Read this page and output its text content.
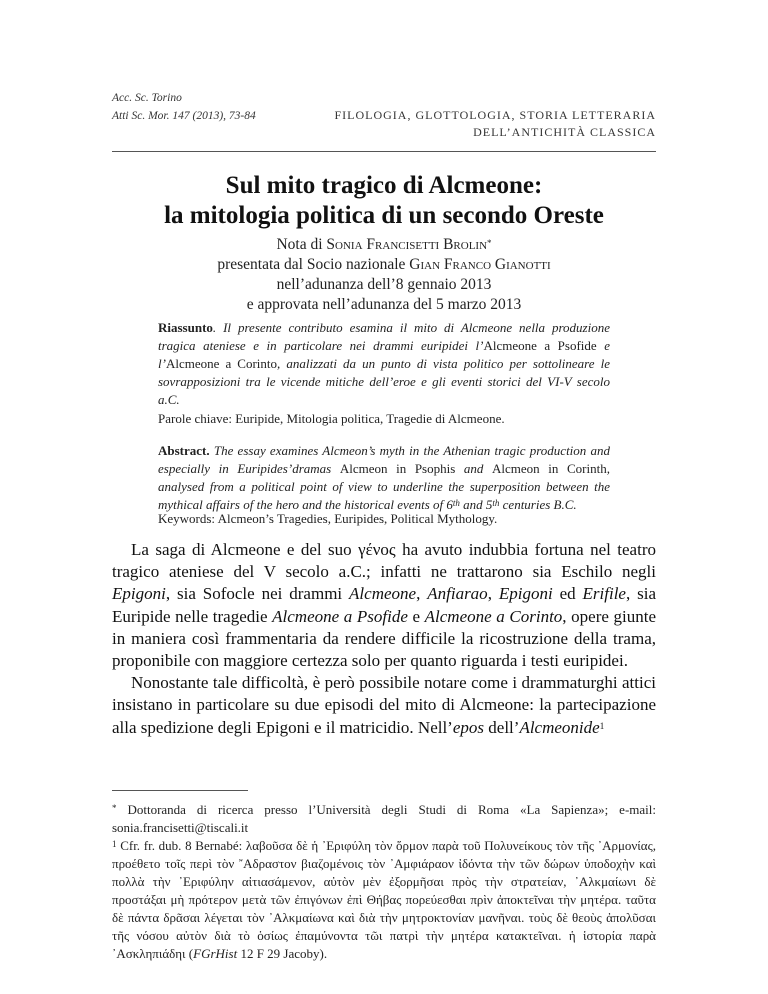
Acc. Sc. Torino
Atti Sc. Mor. 147 (2013), 73-84	FILOLOGIA, GLOTTOLOGIA, STORIA LETTERARIA
DELL’ANTICHITÀ CLASSICA
Sul mito tragico di Alcmeone:
la mitologia politica di un secondo Oreste
Nota di Sonia Francisetti Brolin*
presentata dal Socio nazionale Gian Franco Gianotti
nell’adunanza dell’8 gennaio 2013
e approvata nell’adunanza del 5 marzo 2013
Riassunto. Il presente contributo esamina il mito di Alcmeone nella produzione tragica ateniese e in particolare nei drammi euripidei l’Alcmeone a Psofide e l’Alcmeone a Corinto, analizzati da un punto di vista politico per sottolineare le sovrapposizioni tra le vicende mitiche dell’eroe e gli eventi storici del VI-V secolo a.C.
Parole chiave: Euripide, Mitologia politica, Tragedie di Alcmeone.
Abstract. The essay examines Alcmeon’s myth in the Athenian tragic production and especially in Euripides’dramas Alcmeon in Psophis and Alcmeon in Corinth, analysed from a political point of view to underline the superposition between the mythical affairs of the hero and the historical events of 6th and 5th centuries B.C.
Keywords: Alcmeon’s Tragedies, Euripides, Political Mythology.

La saga di Alcmeone e del suo γένος ha avuto indubbia fortuna nel teatro tragico ateniese del V secolo a.C.; infatti ne trattarono sia Eschilo negli Epigoni, sia Sofocle nei drammi Alcmeone, Anfiarao, Epigoni ed Erifile, sia Euripide nelle tragedie Alcmeone a Psofide e Alcmeone a Corinto, opere giunte in maniera così frammentaria da rendere difficile la ricostruzione della trama, proponibile con maggiore certezza solo per quanto riguarda i testi euripidei.

Nonostante tale difficoltà, è però possibile notare come i drammaturghi attici insistano in particolare su due episodi del mito di Alcmeone: la partecipazione alla spedizione degli Epigoni e il matricidio. Nell’epos dell’Alcmeonide$^1$

* Dottoranda di ricerca presso l’Università degli Studi di Roma «La Sapienza»; e-mail: sonia.francisetti@tiscali.it

$^1$ Cfr. fr. dub. 8 Bernabé: λαβοῦσα δὲ ἡ ᾿Εριφύλη τὸν ὅρμον παρὰ τοῦ Πολυνείκους τὸν τῆς ᾿Αρμονίας, προέθετο τοῖς περὶ τὸν ῎Αδραστον βιαζομένοις τὸν ᾿Αμφιάραον ἰδόντα τὴν τῶν δώρων ὑποδοχὴν καὶ πολλὰ τὴν ᾿Εριφύλην αἰτιασάμενον, αὐτὸν μὲν ἐξορμῆσαι πρὸς τὴν στρατείαν, ᾿Αλκμαίωνι δὲ προστάξαι μὴ πρότερον μετὰ τῶν ἐπιγόνων ἐπὶ Θήβας πορεύεσθαι πρὶν ἀποκτεῖναι τὴν μητέρα. ταῦτα δὲ πάντα δρᾶσαι λέγεται τὸν ᾿Αλκμαίωνα καὶ διὰ τὴν μητροκτονίαν μανῆναι. τοὺς δὲ θεοὺς ἀπολῦσαι τῆς νόσου αὐτὸν διὰ τὸ ὁσίως ἐπαμύνοντα τῶι πατρὶ τὴν μητέρα κατακτεῖναι. ἡ ἱστορία παρὰ ᾿Ασκληπιάδηι (FGrHist 12 F 29 Jacoby).
